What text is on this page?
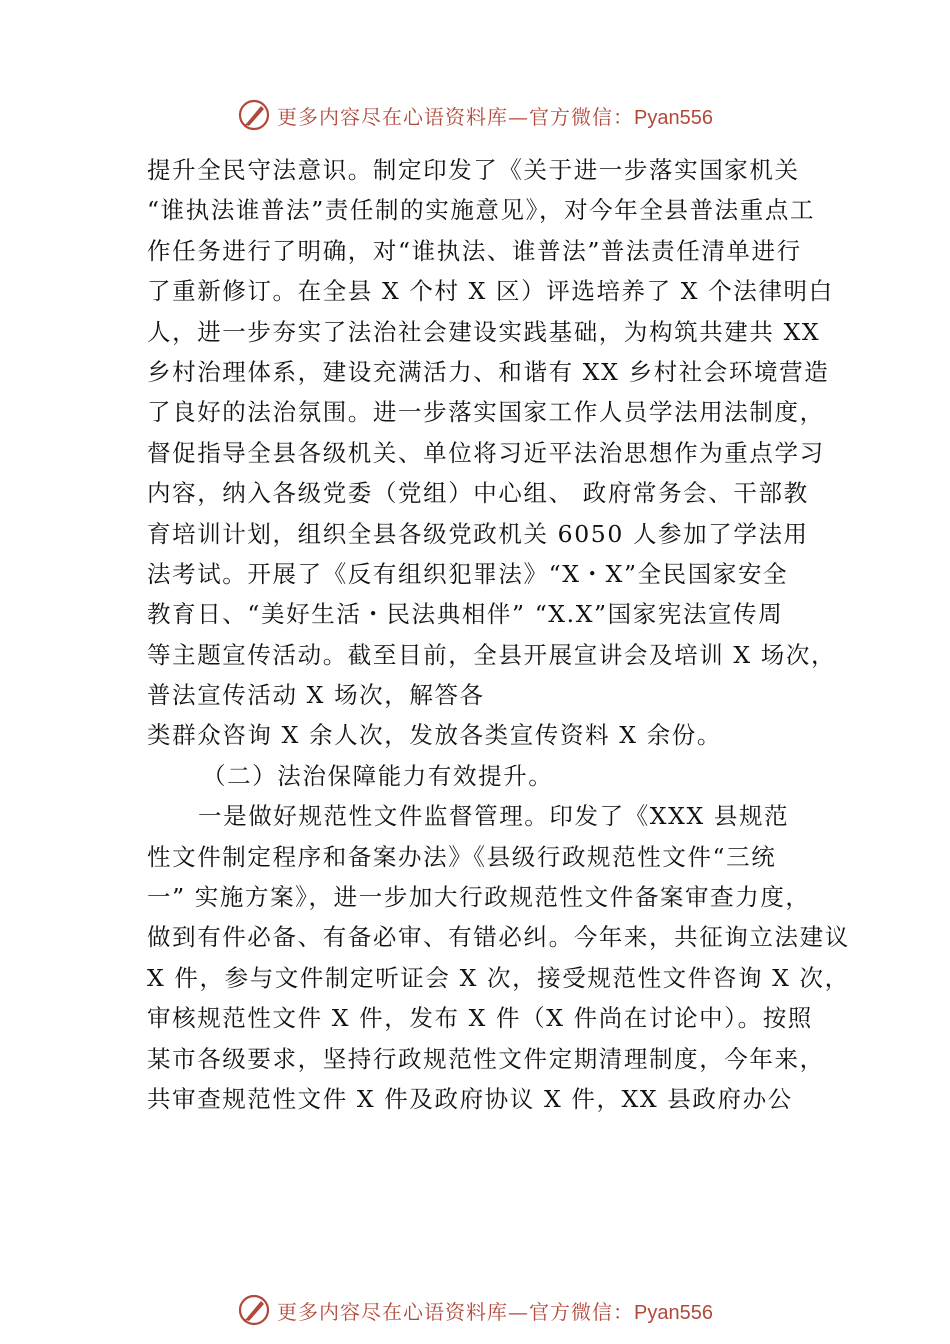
更多内容尽在心语资料库—官方微信：Pyan556
提升全民守法意识。制定印发了《关于进一步落实国家机关
“谁执法谁普法”责任制的实施意见》，对今年全县普法重点工
作任务进行了明确，对“谁执法、谁普法”普法责任清单进行
了重新修订。在全县 X 个村 X 区）评选培养了 X 个法律明白
人，进一步夯实了法治社会建设实践基础，为构筑共建共 XX
乡村治理体系，建设充满活力、和谐有 XX 乡村社会环境营造
了良好的法治氛围。进一步落实国家工作人员学法用法制度，
督促指导全县各级机关、单位将习近平法治思想作为重点学习
内容，纳入各级党委（党组）中心组、 政府常务会、干部教
育培训计划，组织全县各级党政机关 6050 人参加了学法用
法考试。开展了《反有组织犯罪法》“X・X”全民国家安全
教育日、“美好生活・民法典相伴” “X.X”国家宪法宣传周
等主题宣传活动。截至目前，全县开展宣讲会及培训 X 场次，
普法宣传活动 X 场次，解答各
类群众咨询 X 余人次，发放各类宣传资料 X 余份。
（二）法治保障能力有效提升。
一是做好规范性文件监督管理。印发了《XXX 县规范
性文件制定程序和备案办法》《县级行政规范性文件“三统
一” 实施方案》，进一步加大行政规范性文件备案审查力度，
做到有件必备、有备必审、有错必纠。今年来，共征询立法建议
X 件，参与文件制定听证会 X 次，接受规范性文件咨询 X 次，
审核规范性文件 X 件，发布 X 件（X 件尚在讨论中）。按照
某市各级要求，坚持行政规范性文件定期清理制度，今年来，
共审查规范性文件 X 件及政府协议 X 件，XX 县政府办公
更多内容尽在心语资料库—官方微信：Pyan556
